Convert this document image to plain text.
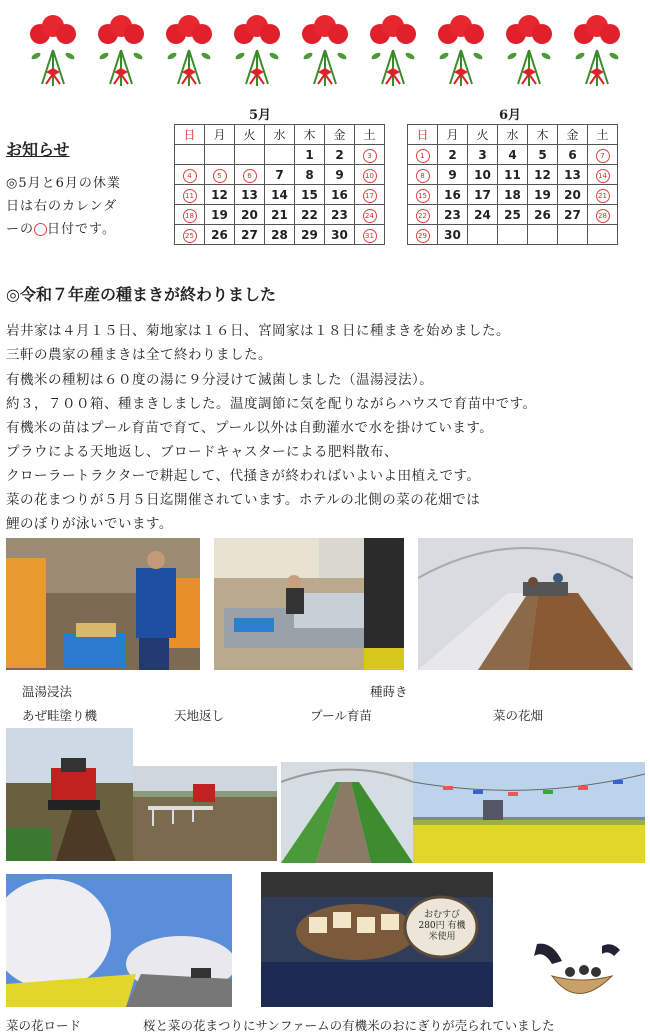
お知らせ
◎5月と6月の休業
日は右のカレンダ
ーの 日付です。
5月
日	月	火	水	木	金	土
				1	2	3
4	5	6	7	8	9	10
11	12	13	14	15	16	17
18	19	20	21	22	23	24
25	26	27	28	29	30	31
6月
日	月	火	水	木	金	土
1	2	3	4	5	6	7
8	9	10	11	12	13	14
15	16	17	18	19	20	21
22	23	24	25	26	27	28
29	30					
◎令和７年産の種まきが終わりました
岩井家は４月１５日、菊地家は１６日、宮岡家は１８日に種まきを始めました。
三軒の農家の種まきは全て終わりました。
有機米の種籾は６０度の湯に９分浸けて滅菌しました（温湯浸法）。
約３，７００箱、種まきしました。温度調節に気を配りながらハウスで育苗中です。
有機米の苗はプール育苗で育て、プール以外は自動灌水で水を掛けています。
プラウによる天地返し、ブロードキャスターによる肥料散布、
クローラートラクターで耕起して、代掻きが終わればいよいよ田植えです。
菜の花まつりが５月５日迄開催されています。ホテルの北側の菜の花畑では
鯉のぼりが泳いでいます。
温湯浸法	種蒔き
あぜ畦塗り機	天地返し	プール育苗	菜の花畑
おむすび 280円 有機米使用
菜の花ロード	桜と菜の花まつりにサンファームの有機米のおにぎりが売られていました
